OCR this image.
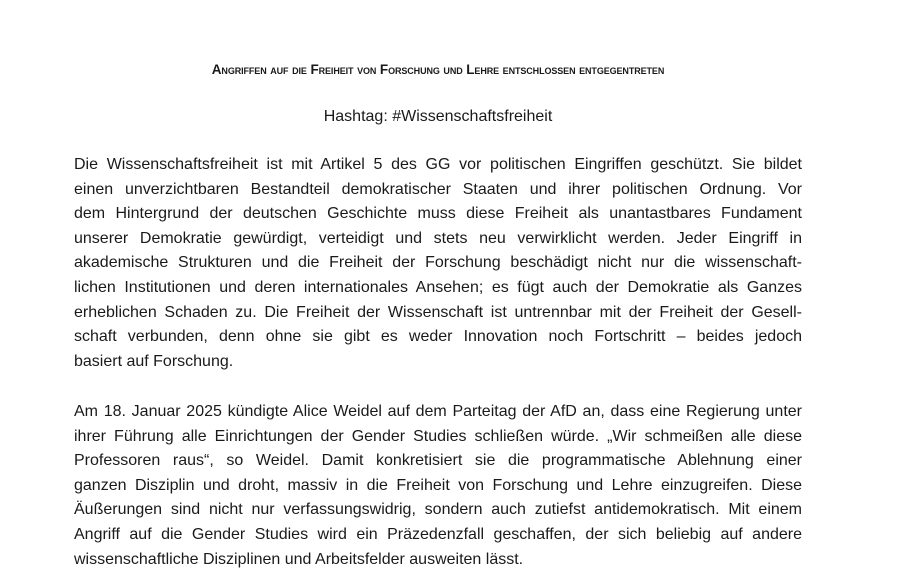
Angriffen auf die Freiheit von Forschung und Lehre entschlossen entgegentreten
Hashtag: #Wissenschaftsfreiheit
Die Wissenschaftsfreiheit ist mit Artikel 5 des GG vor politischen Eingriffen geschützt. Sie bildet
einen unverzichtbaren Bestandteil demokratischer Staaten und ihrer politischen Ordnung. Vor
dem Hintergrund der deutschen Geschichte muss diese Freiheit als unantastbares Fundament
unserer Demokratie gewürdigt, verteidigt und stets neu verwirklicht werden. Jeder Eingriff in
akademische Strukturen und die Freiheit der Forschung beschädigt nicht nur die wissenschaft-
lichen Institutionen und deren internationales Ansehen; es fügt auch der Demokratie als Ganzes
erheblichen Schaden zu. Die Freiheit der Wissenschaft ist untrennbar mit der Freiheit der Gesell-
schaft verbunden, denn ohne sie gibt es weder Innovation noch Fortschritt – beides jedoch
basiert auf Forschung.
Am 18. Januar 2025 kündigte Alice Weidel auf dem Parteitag der AfD an, dass eine Regierung unter
ihrer Führung alle Einrichtungen der Gender Studies schließen würde. „Wir schmeißen alle diese
Professoren raus“, so Weidel. Damit konkretisiert sie die programmatische Ablehnung einer
ganzen Disziplin und droht, massiv in die Freiheit von Forschung und Lehre einzugreifen. Diese
Äußerungen sind nicht nur verfassungswidrig, sondern auch zutiefst antidemokratisch. Mit einem
Angriff auf die Gender Studies wird ein Präzedenzfall geschaffen, der sich beliebig auf andere
wissenschaftliche Disziplinen und Arbeitsfelder ausweiten lässt.
